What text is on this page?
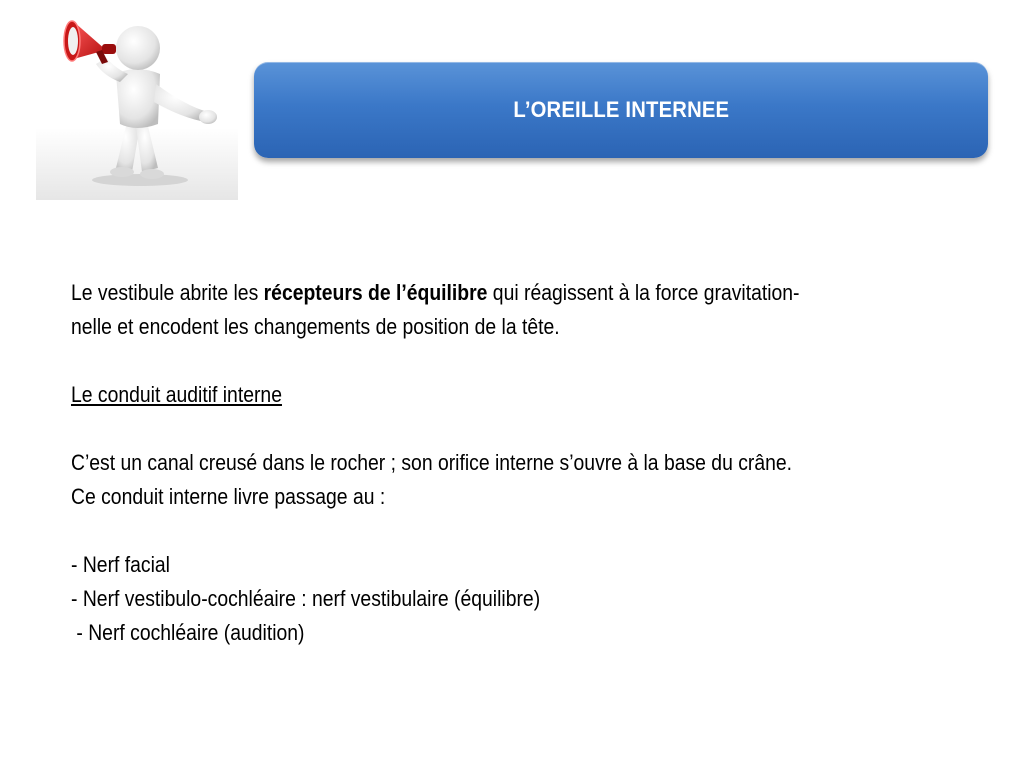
L’OREILLE INTERNEE

Le vestibule abrite les récepteurs de l’équilibre qui réagissent à la force gravitation-

nelle et encodent les changements de position de la tête.

Le conduit auditif interne

C’est un canal creusé dans le rocher ; son orifice interne s’ouvre à la base du crâne.

Ce conduit interne livre passage au :

- Nerf facial

- Nerf vestibulo-cochléaire : nerf vestibulaire (équilibre)

- Nerf cochléaire (audition)
